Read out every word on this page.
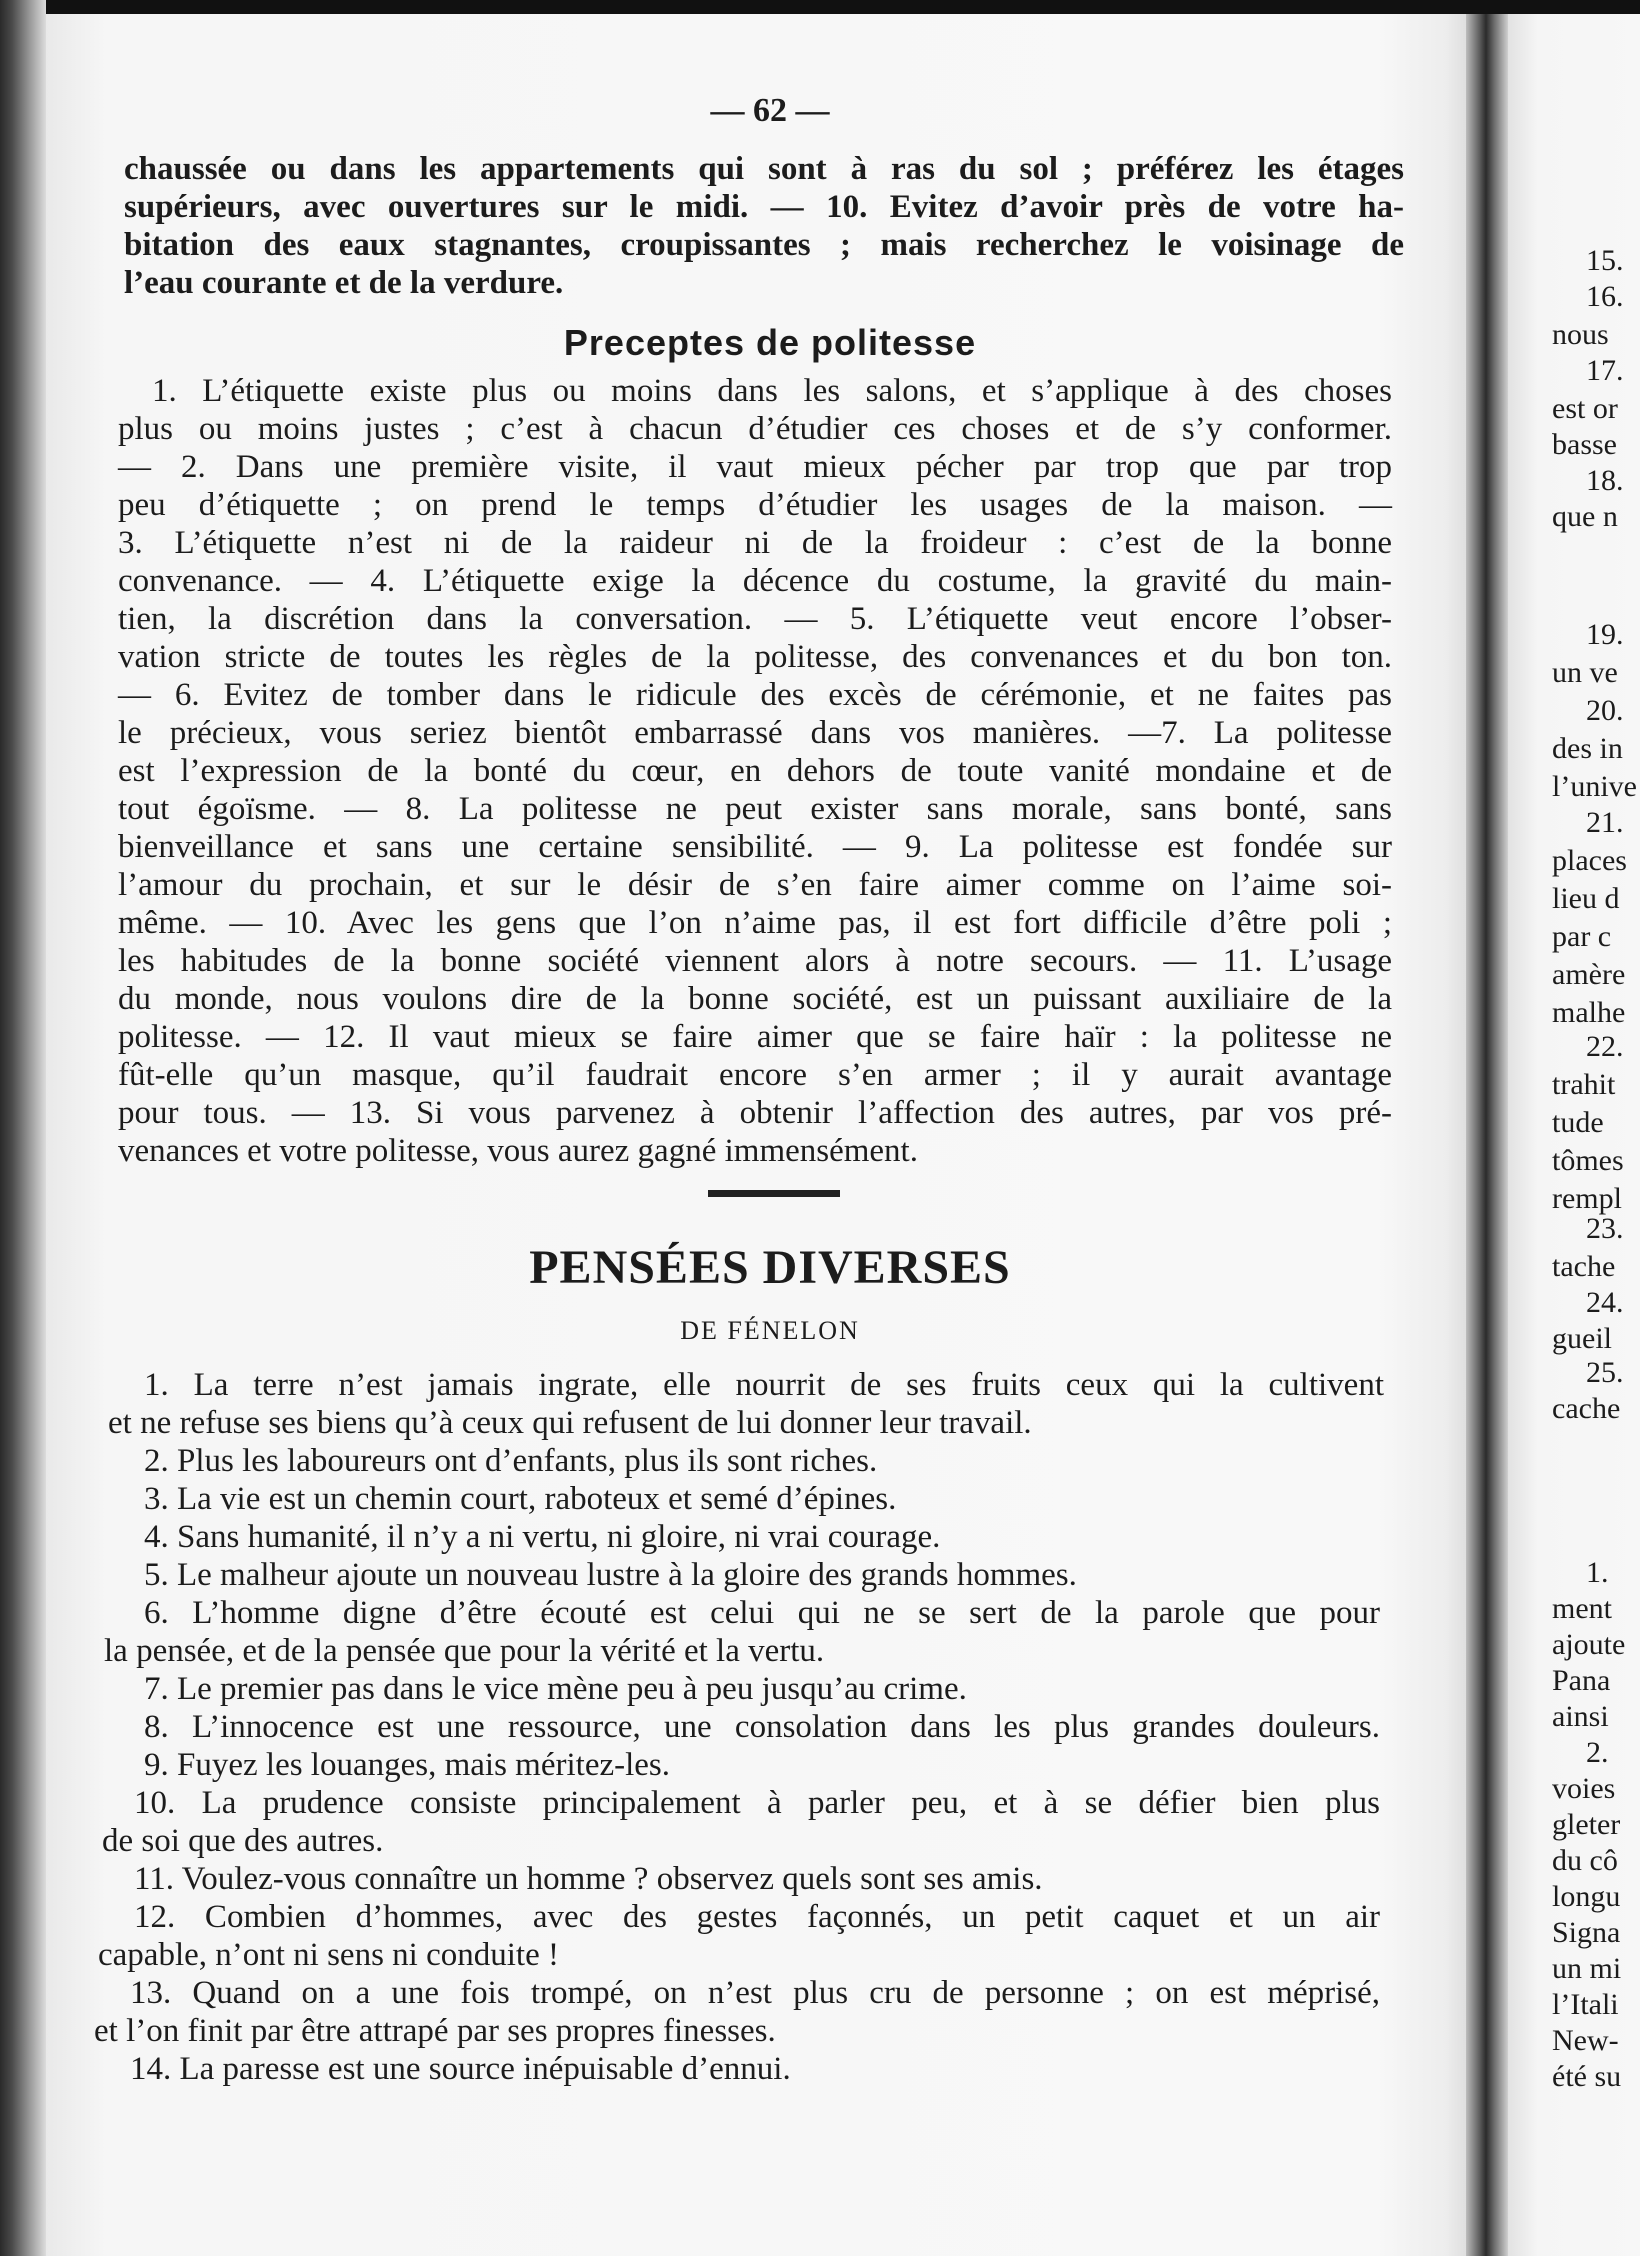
— 62 —
chaussée ou dans les appartements qui sont à ras du sol ; préférez les étages
supérieurs, avec ouvertures sur le midi. — 10. Evitez d’avoir près de votre ha-
bitation des eaux stagnantes, croupissantes ; mais recherchez le voisinage de
l’eau courante et de la verdure.
Preceptes de politesse
1. L’étiquette existe plus ou moins dans les salons, et s’applique à des choses
plus ou moins justes ; c’est à chacun d’étudier ces choses et de s’y conformer.
— 2. Dans une première visite, il vaut mieux pécher par trop que par trop
peu d’étiquette ; on prend le temps d’étudier les usages de la maison. —
3. L’étiquette n’est ni de la raideur ni de la froideur : c’est de la bonne
convenance. — 4. L’étiquette exige la décence du costume, la gravité du main-
tien, la discrétion dans la conversation. — 5. L’étiquette veut encore l’obser-
vation stricte de toutes les règles de la politesse, des convenances et du bon ton.
— 6. Evitez de tomber dans le ridicule des excès de cérémonie, et ne faites pas
le précieux, vous seriez bientôt embarrassé dans vos manières. —7. La politesse
est l’expression de la bonté du cœur, en dehors de toute vanité mondaine et de
tout égoïsme. — 8. La politesse ne peut exister sans morale, sans bonté, sans
bienveillance et sans une certaine sensibilité. — 9. La politesse est fondée sur
l’amour du prochain, et sur le désir de s’en faire aimer comme on l’aime soi-
même. — 10. Avec les gens que l’on n’aime pas, il est fort difficile d’être poli ;
les habitudes de la bonne société viennent alors à notre secours. — 11. L’usage
du monde, nous voulons dire de la bonne société, est un puissant auxiliaire de la
politesse. — 12. Il vaut mieux se faire aimer que se faire haïr : la politesse ne
fût-elle qu’un masque, qu’il faudrait encore s’en armer ; il y aurait avantage
pour tous. — 13. Si vous parvenez à obtenir l’affection des autres, par vos pré-
venances et votre politesse, vous aurez gagné immensément.
PENSÉES DIVERSES
DE FÉNELON
1. La terre n’est jamais ingrate, elle nourrit de ses fruits ceux qui la cultivent
et ne refuse ses biens qu’à ceux qui refusent de lui donner leur travail.
2. Plus les laboureurs ont d’enfants, plus ils sont riches.
3. La vie est un chemin court, raboteux et semé d’épines.
4. Sans humanité, il n’y a ni vertu, ni gloire, ni vrai courage.
5. Le malheur ajoute un nouveau lustre à la gloire des grands hommes.
6. L’homme digne d’être écouté est celui qui ne se sert de la parole que pour
la pensée, et de la pensée que pour la vérité et la vertu.
7. Le premier pas dans le vice mène peu à peu jusqu’au crime.
8. L’innocence est une ressource, une consolation dans les plus grandes douleurs.
9. Fuyez les louanges, mais méritez-les.
10. La prudence consiste principalement à parler peu, et à se défier bien plus
de soi que des autres.
11. Voulez-vous connaître un homme ? observez quels sont ses amis.
12. Combien d’hommes, avec des gestes façonnés, un petit caquet et un air
capable, n’ont ni sens ni conduite !
13. Quand on a une fois trompé, on n’est plus cru de personne ; on est méprisé,
et l’on finit par être attrapé par ses propres finesses.
14. La paresse est une source inépuisable d’ennui.
15.
16.
nous
17.
est or
basse
18.
que n
19.
un ve
20.
des in
l’unive
21.
places
lieu d
par c
amère
malhe
22.
trahit
tude
tômes
rempl
23.
tache
24.
gueil
25.
cache
1.
ment
ajoute
Pana
ainsi
2.
voies
gleter
du cô
longu
Signa
un mi
l’Itali
New-
été su
